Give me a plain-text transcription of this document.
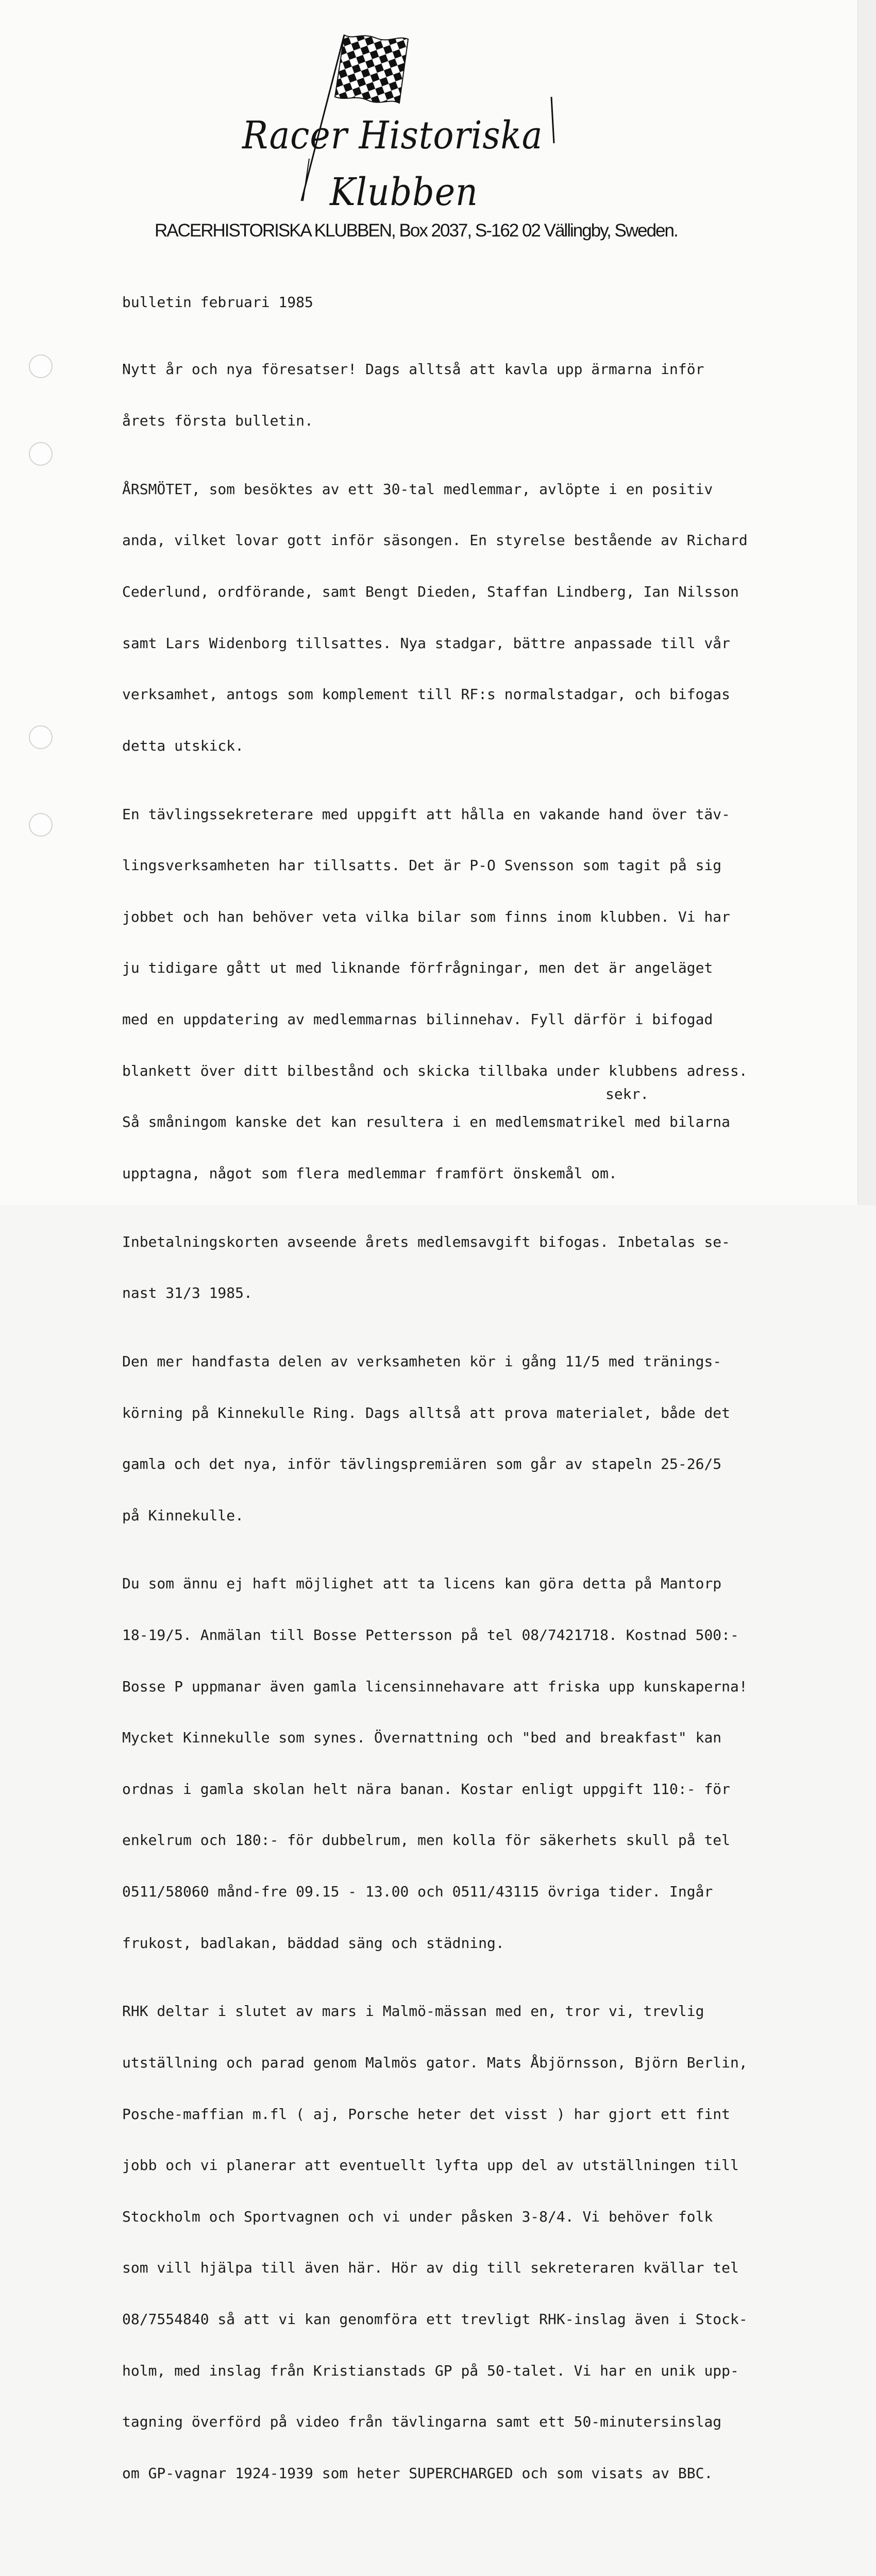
Racer Historiska
Klubben
RACERHISTORISKA KLUBBEN, Box 2037, S-162 02 Vällingby, Sweden.
bulletin februari 1985

Nytt år och nya föresatser! Dags alltså att kavla upp ärmarna inför

årets första bulletin.

ÅRSMÖTET, som besöktes av ett 30-tal medlemmar, avlöpte i en positiv

anda, vilket lovar gott inför säsongen. En styrelse bestående av Richard

Cederlund, ordförande, samt Bengt Dieden, Staffan Lindberg, Ian Nilsson

samt Lars Widenborg tillsattes. Nya stadgar, bättre anpassade till vår

verksamhet, antogs som komplement till RF:s normalstadgar, och bifogas

detta utskick.

En tävlingssekreterare med uppgift att hålla en vakande hand över täv-

lingsverksamheten har tillsatts. Det är P-O Svensson som tagit på sig

jobbet och han behöver veta vilka bilar som finns inom klubben. Vi har

ju tidigare gått ut med liknande förfrågningar, men det är angeläget

med en uppdatering av medlemmarnas bilinnehav. Fyll därför i bifogad

blankett över ditt bilbestånd och skicka tillbaka under klubbens adress.

Så småningom kanske det kan resultera i en medlemsmatrikel med bilarna

upptagna, något som flera medlemmar framfört önskemål om.

Inbetalningskorten avseende årets medlemsavgift bifogas. Inbetalas se-

nast 31/3 1985.

Den mer handfasta delen av verksamheten kör i gång 11/5 med tränings-

körning på Kinnekulle Ring. Dags alltså att prova materialet, både det

gamla och det nya, inför tävlingspremiären som går av stapeln 25-26/5

på Kinnekulle.

Du som ännu ej haft möjlighet att ta licens kan göra detta på Mantorp

18-19/5. Anmälan till Bosse Pettersson på tel 08/7421718. Kostnad 500:-

Bosse P uppmanar även gamla licensinnehavare att friska upp kunskaperna!

Mycket Kinnekulle som synes. Övernattning och "bed and breakfast" kan

ordnas i gamla skolan helt nära banan. Kostar enligt uppgift 110:- för

enkelrum och 180:- för dubbelrum, men kolla för säkerhets skull på tel

0511/58060 månd-fre 09.15 - 13.00 och 0511/43115 övriga tider. Ingår

frukost, badlakan, bäddad säng och städning.

RHK deltar i slutet av mars i Malmö-mässan med en, tror vi, trevlig

utställning och parad genom Malmös gator. Mats Åbjörnsson, Björn Berlin,

Posche-maffian m.fl ( aj, Porsche heter det visst ) har gjort ett fint

jobb och vi planerar att eventuellt lyfta upp del av utställningen till

Stockholm och Sportvagnen och vi under påsken 3-8/4. Vi behöver folk

som vill hjälpa till även här. Hör av dig till sekreteraren kvällar tel

08/7554840 så att vi kan genomföra ett trevligt RHK-inslag även i Stock-

holm, med inslag från Kristianstads GP på 50-talet. Vi har en unik upp-

tagning överförd på video från tävlingarna samt ett 50-minutersinslag

om GP-vagnar 1924-1939 som heter SUPERCHARGED och som visats av BBC.

sekr.
